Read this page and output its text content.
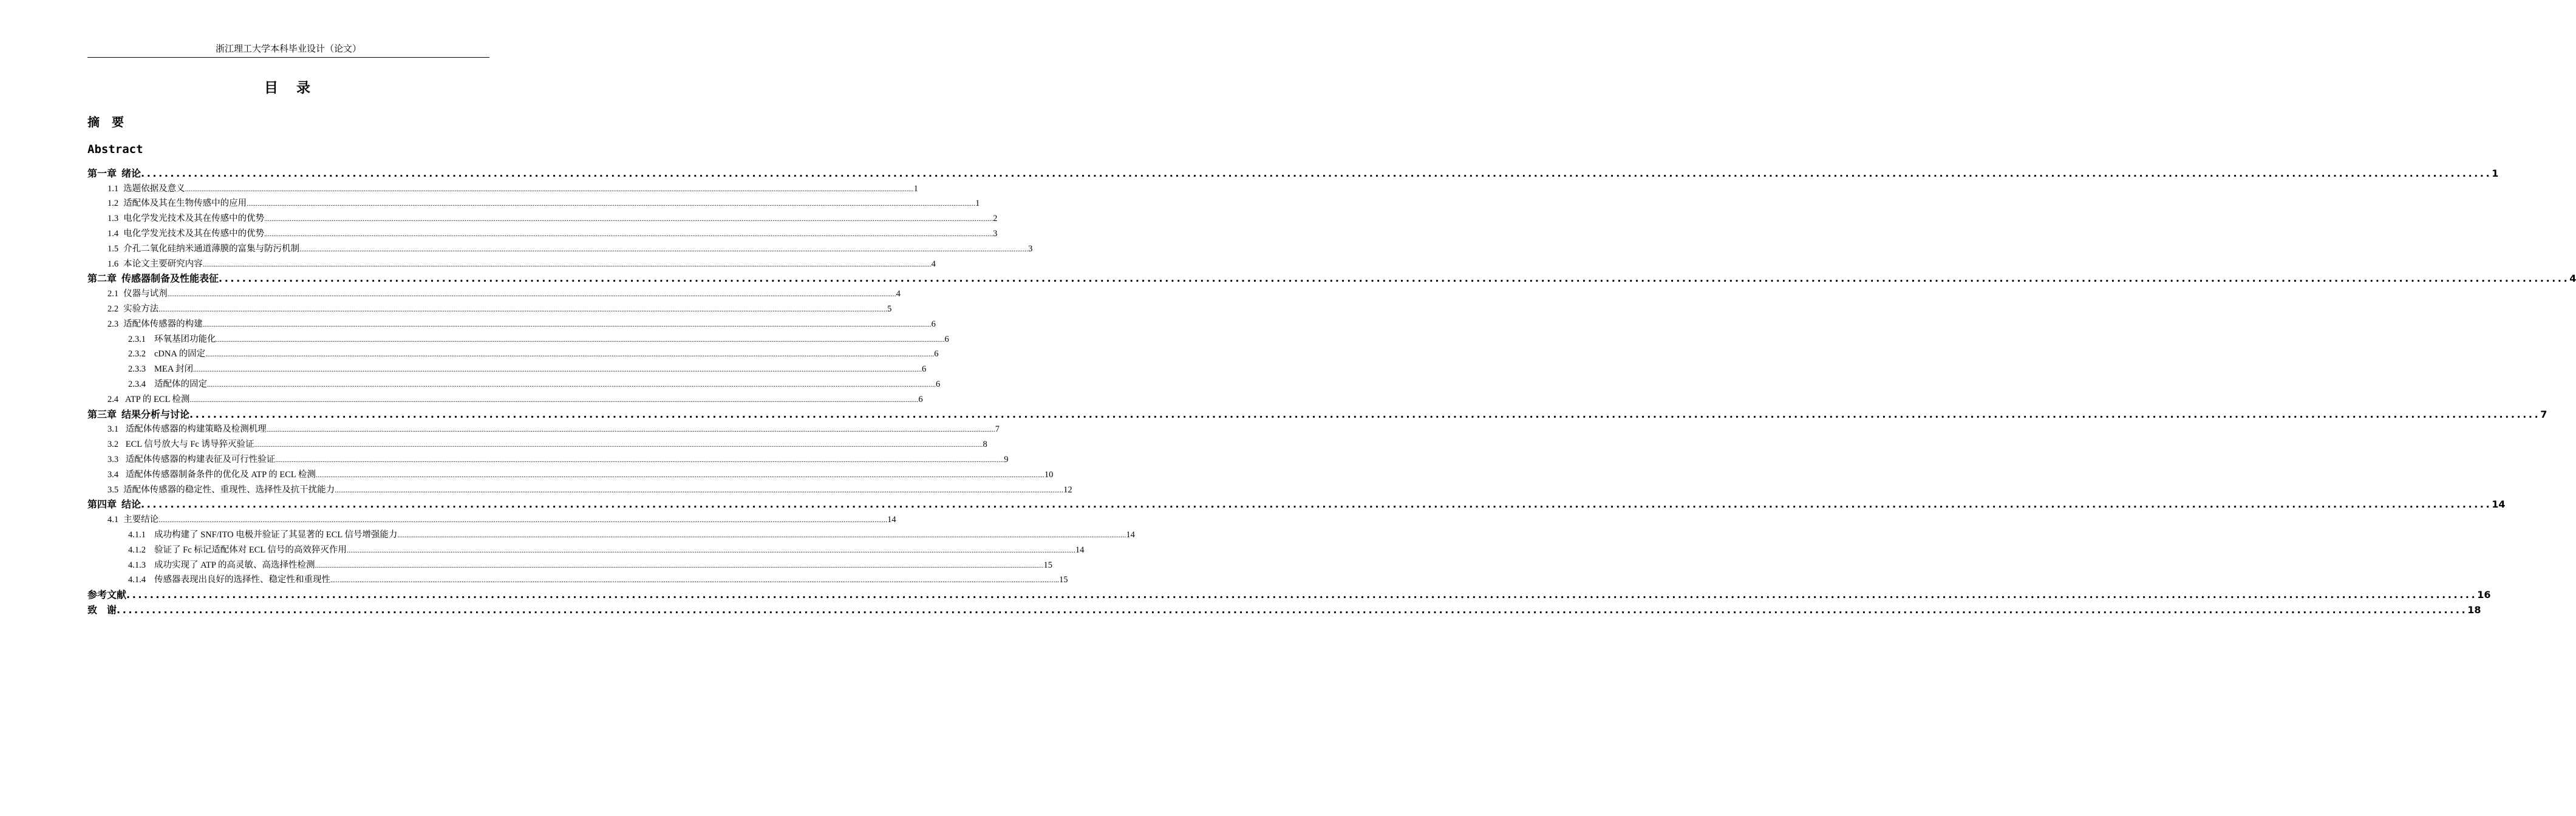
浙江理工大学本科毕业设计（论文）
目 录
摘　要
Abstract
第一章 绪论 ................................................................................................................................................................................................................................................................................................................................................................................................................ 1
1.1 选题依据及意义 ................................................................................................................................................................................................................................................................................................................................................................................................................ 1
1.2 适配体及其在生物传感中的应用 ................................................................................................................................................................................................................................................................................................................................................................................................................ 1
1.3 电化学发光技术及其在传感中的优势 ................................................................................................................................................................................................................................................................................................................................................................................................................ 2
1.4 电化学发光技术及其在传感中的优势 ................................................................................................................................................................................................................................................................................................................................................................................................................ 3
1.5 介孔二氧化硅纳米通道薄膜的富集与防污机制 ................................................................................................................................................................................................................................................................................................................................................................................................................ 3
1.6 本论文主要研究内容 ................................................................................................................................................................................................................................................................................................................................................................................................................ 4
第二章 传感器制备及性能表征 ................................................................................................................................................................................................................................................................................................................................................................................................................ 4
2.1 仪器与试剂 ................................................................................................................................................................................................................................................................................................................................................................................................................ 4
2.2 实验方法 ................................................................................................................................................................................................................................................................................................................................................................................................................ 5
2.3 适配体传感器的构建 ................................................................................................................................................................................................................................................................................................................................................................................................................ 6
2.3.1 环氧基团功能化 ................................................................................................................................................................................................................................................................................................................................................................................................................ 6
2.3.2 cDNA 的固定 ................................................................................................................................................................................................................................................................................................................................................................................................................ 6
2.3.3 MEA 封闭 ................................................................................................................................................................................................................................................................................................................................................................................................................ 6
2.3.4 适配体的固定 ................................................................................................................................................................................................................................................................................................................................................................................................................ 6
2.4 ATP 的 ECL 检测 ................................................................................................................................................................................................................................................................................................................................................................................................................ 6
第三章 结果分析与讨论 ................................................................................................................................................................................................................................................................................................................................................................................................................ 7
3.1 适配体传感器的构建策略及检测机理 ................................................................................................................................................................................................................................................................................................................................................................................................................ 7
3.2 ECL 信号放大与 Fc 诱导猝灭验证 ................................................................................................................................................................................................................................................................................................................................................................................................................ 8
3.3 适配体传感器的构建表征及可行性验证 ................................................................................................................................................................................................................................................................................................................................................................................................................ 9
3.4 适配体传感器制备条件的优化及 ATP 的 ECL 检测 ................................................................................................................................................................................................................................................................................................................................................................................................................ 10
3.5 适配体传感器的稳定性、重现性、选择性及抗干扰能力 ................................................................................................................................................................................................................................................................................................................................................................................................................ 12
第四章 结论 ................................................................................................................................................................................................................................................................................................................................................................................................................ 14
4.1 主要结论 ................................................................................................................................................................................................................................................................................................................................................................................................................ 14
4.1.1 成功构建了 SNF/ITO 电极并验证了其显著的 ECL 信号增强能力 ................................................................................................................................................................................................................................................................................................................................................................................................................ 14
4.1.2 验证了 Fc 标记适配体对 ECL 信号的高效猝灭作用 ................................................................................................................................................................................................................................................................................................................................................................................................................ 14
4.1.3 成功实现了 ATP 的高灵敏、高选择性检测 ................................................................................................................................................................................................................................................................................................................................................................................................................ 15
4.1.4 传感器表现出良好的选择性、稳定性和重现性 ................................................................................................................................................................................................................................................................................................................................................................................................................ 15
参考文献 ................................................................................................................................................................................................................................................................................................................................................................................................................ 16
致　谢 ................................................................................................................................................................................................................................................................................................................................................................................................................ 18
